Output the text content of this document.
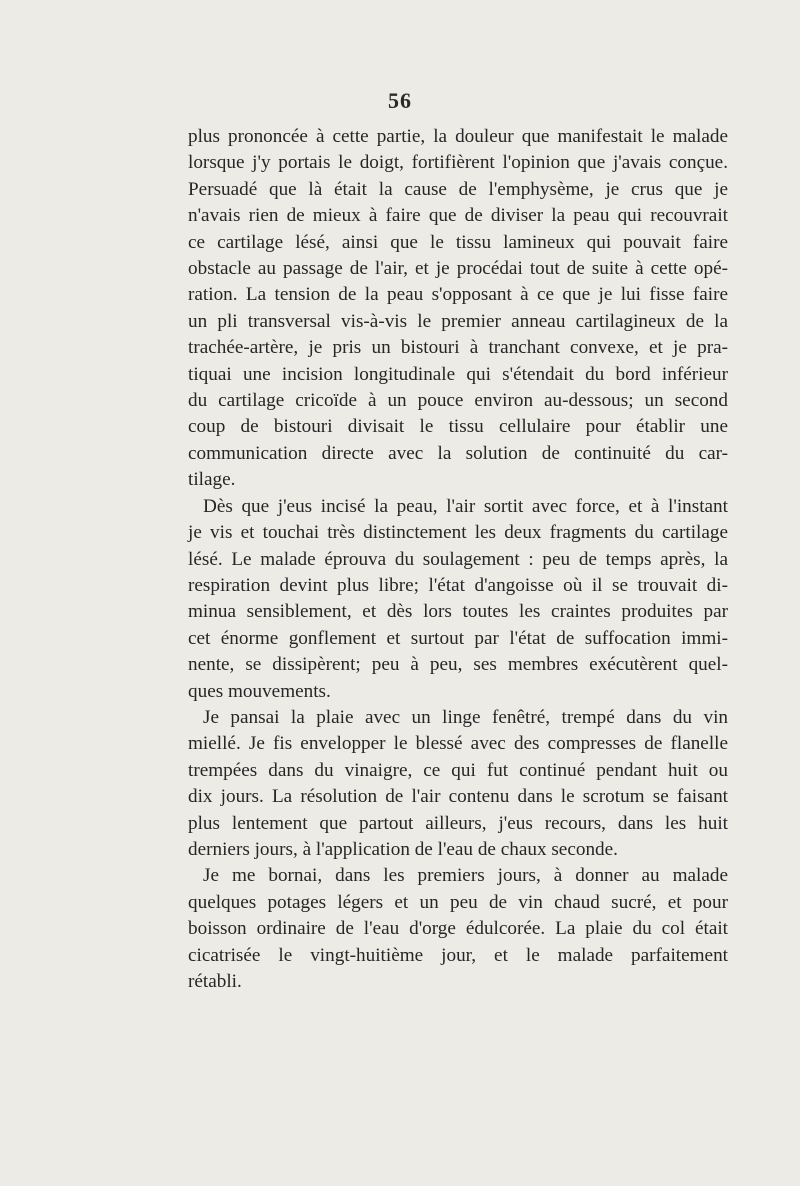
56
plus prononcée à cette partie, la douleur que manifestait le malade
lorsque j'y portais le doigt, fortifièrent l'opinion que j'avais conçue.
Persuadé que là était la cause de l'emphysème, je crus que je
n'avais rien de mieux à faire que de diviser la peau qui recouvrait
ce cartilage lésé, ainsi que le tissu lamineux qui pouvait faire
obstacle au passage de l'air, et je procédai tout de suite à cette opé-
ration. La tension de la peau s'opposant à ce que je lui fisse faire
un pli transversal vis-à-vis le premier anneau cartilagineux de la
trachée-artère, je pris un bistouri à tranchant convexe, et je pra-
tiquai une incision longitudinale qui s'étendait du bord inférieur
du cartilage cricoïde à un pouce environ au-dessous; un second
coup de bistouri divisait le tissu cellulaire pour établir une
communication directe avec la solution de continuité du car-
tilage.
Dès que j'eus incisé la peau, l'air sortit avec force, et à l'instant
je vis et touchai très distinctement les deux fragments du cartilage
lésé. Le malade éprouva du soulagement : peu de temps après, la
respiration devint plus libre; l'état d'angoisse où il se trouvait di-
minua sensiblement, et dès lors toutes les craintes produites par
cet énorme gonflement et surtout par l'état de suffocation immi-
nente, se dissipèrent; peu à peu, ses membres exécutèrent quel-
ques mouvements.
Je pansai la plaie avec un linge fenêtré, trempé dans du vin
miellé. Je fis envelopper le blessé avec des compresses de flanelle
trempées dans du vinaigre, ce qui fut continué pendant huit ou
dix jours. La résolution de l'air contenu dans le scrotum se faisant
plus lentement que partout ailleurs, j'eus recours, dans les huit
derniers jours, à l'application de l'eau de chaux seconde.
Je me bornai, dans les premiers jours, à donner au malade
quelques potages légers et un peu de vin chaud sucré, et pour
boisson ordinaire de l'eau d'orge édulcorée. La plaie du col était
cicatrisée le vingt-huitième jour, et le malade parfaitement
rétabli.
